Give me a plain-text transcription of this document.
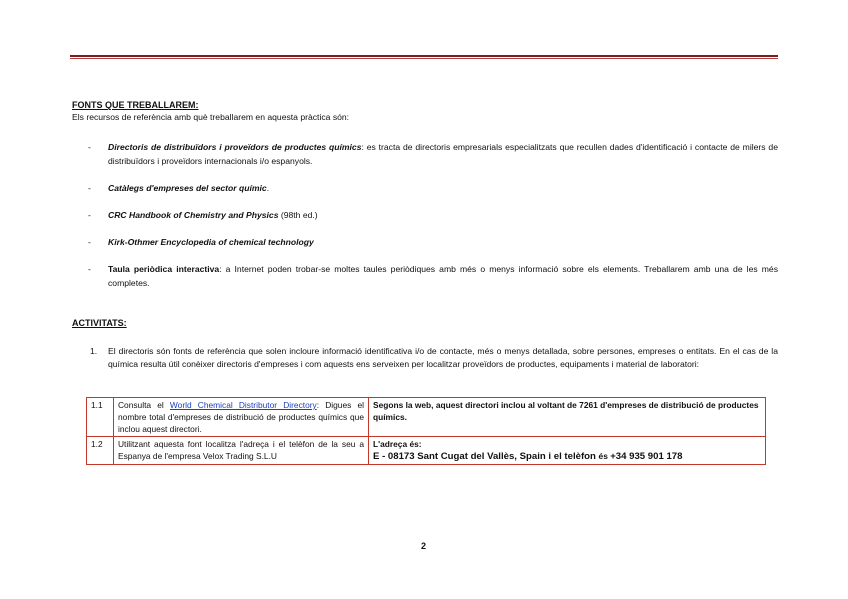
FONTS QUE TREBALLAREM:
Els recursos de referència amb què treballarem en aquesta pràctica són:
- Directoris de distribuïdors i proveïdors de productes químics: es tracta de directoris empresarials especialitzats que recullen dades d'identificació i contacte de milers de distribuïdors i proveïdors internacionals i/o espanyols.
- Catàlegs d'empreses del sector químic.
- CRC Handbook of Chemistry and Physics (98th ed.)
- Kirk-Othmer Encyclopedia of chemical technology
- Taula periòdica interactiva: a Internet poden trobar-se moltes taules periòdiques amb més o menys informació sobre els elements. Treballarem amb una de les més completes.
ACTIVITATS:
1. El directoris són fonts de referència que solen incloure informació identificativa i/o de contacte, més o menys detallada, sobre persones, empreses o entitats. En el cas de la química resulta útil conèixer directoris d'empreses i com aquests ens serveixen per localitzar proveïdors de productes, equipaments i material de laboratori:
1.1	Consulta el World Chemical Distributor Directory: Digues el nombre total d'empreses de distribució de productes químics que inclou aquest directori.	Segons la web, aquest directori inclou al voltant de 7261 d'empreses de distribució de productes químics.
1.2	Utilitzant aquesta font localitza l'adreça i el telèfon de la seu a Espanya de l'empresa Velox Trading S.L.U	L'adreça és:
E - 08173 Sant Cugat del Vallès, Spain i el telèfon és +34 935 901 178
2
